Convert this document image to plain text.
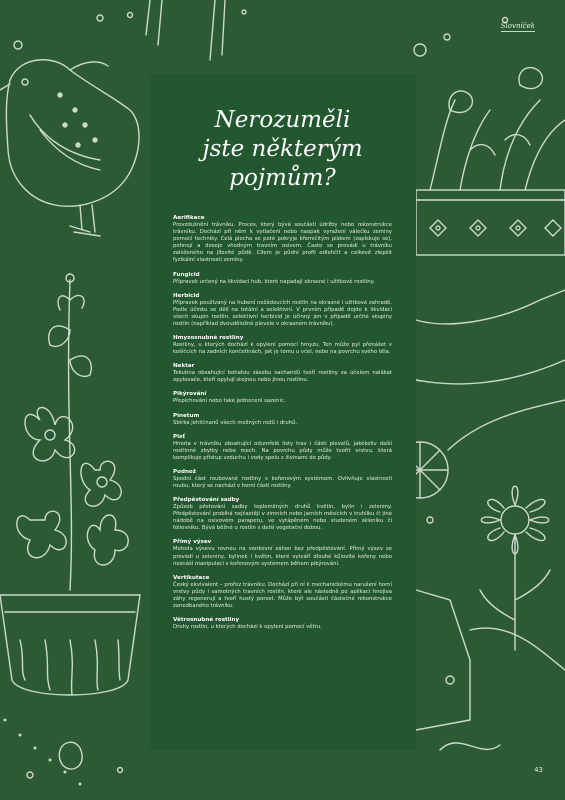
Slovníček
43
Nerozuměli
jste některým
pojmům?

Aerifikace

Provzdušnění trávníku. Proces, který bývá součástí údržby nebo rekonstrukce trávníku. Dochází při něm k vytlačení nebo naopak vyražení válečku zeminy pomocí techniky. Celá plocha se poté pokryje křemičitým pískem (zapískuje se), pohnojí a doseje vhodným travním osivem. Často se provádí u trávníku založeného na jílovité půdě. Cílem je půdní profil odlehčit a celkově zlepšit fyzikální vlastnosti zeminy.

Fungicid

Přípravek určený na likvidaci hub, které napadají okrasné i užitkové rostliny.

Herbicid

Přípravek používaný na hubení nežádoucích rostlin na okrasné i užitkové zahradě. Podle účinku se dělí na totální a selektivní. V prvním případě dojde k likvidaci všech skupin rostlin, selektivní herbicid je účinný jen v případě určité skupiny rostlin (například dvouděložné plevele v okrasném trávníku).

Hmyzosnubné rostliny

Rostliny, u kterých dochází k opylení pomocí hmyzu. Ten může pyl přenášet v košíčcích na zadních končetinách, jak je tomu u včel, nebo na povrchu svého těla.

Nektar

Tekutina obsahující bohatou zásobu sacharidů tvoří rostliny za účelem nalákat opylovače, kteří opylují stejnou nebo jinou rostlinu.

Pikýrování

Přepichování nebo také jednocení sazenic.

Pinetum

Sbírka jehličnanů všech možných rodů i druhů.

Plsť

Hmota v trávníku obsahující odumřelé listy trav i části plevelů, jakékoliv další rostlinné zbytky nebo mech. Na povrchu půdy může tvořit vrstvu, která komplikuje přístup vzduchu i vody spolu s živinami do půdy.

Podnož

Spodní část roubované rostliny s kořenovým systémem. Ovlivňuje vlastnosti roubu, který se nachází v horní části rostliny.

Předpěstování sadby

Způsob pěstování sadby teplomilných druhů květin, bylin i zeleniny. Předpěstování probíhá nejčastěji v zimních nebo jarních měsících v truhlíku či jiné nádobě na osivovém parapetu, ve vytápěném nebo studeném skleníku či fóliovníku. Bývá běžné u rostlin s delší vegetační dobou.

Přímý výsev

Metoda výsevu rovnou na venkovní záhon bez předpěstování. Přímý výsev se provádí u zeleniny, bylinek i květin, které vytváří dlouhé kůlovité kořeny nebo nesnáší manipulaci s kořenovým systémem během pikýrování.

Vertikutace

Český ekvivalent – prořez trávníku. Dochází při ní k mechanickému narušení horní vrstvy půdy i samotných travních rostlin, které ale následně po aplikaci hnojiva záhy regenerují a tvoří hustý porost. Může být součástí částečné rekonstrukce zanedbaného trávníku.

Větrosnubné rostliny

Druhy rostlin, u kterých dochází k opylení pomocí větru.
